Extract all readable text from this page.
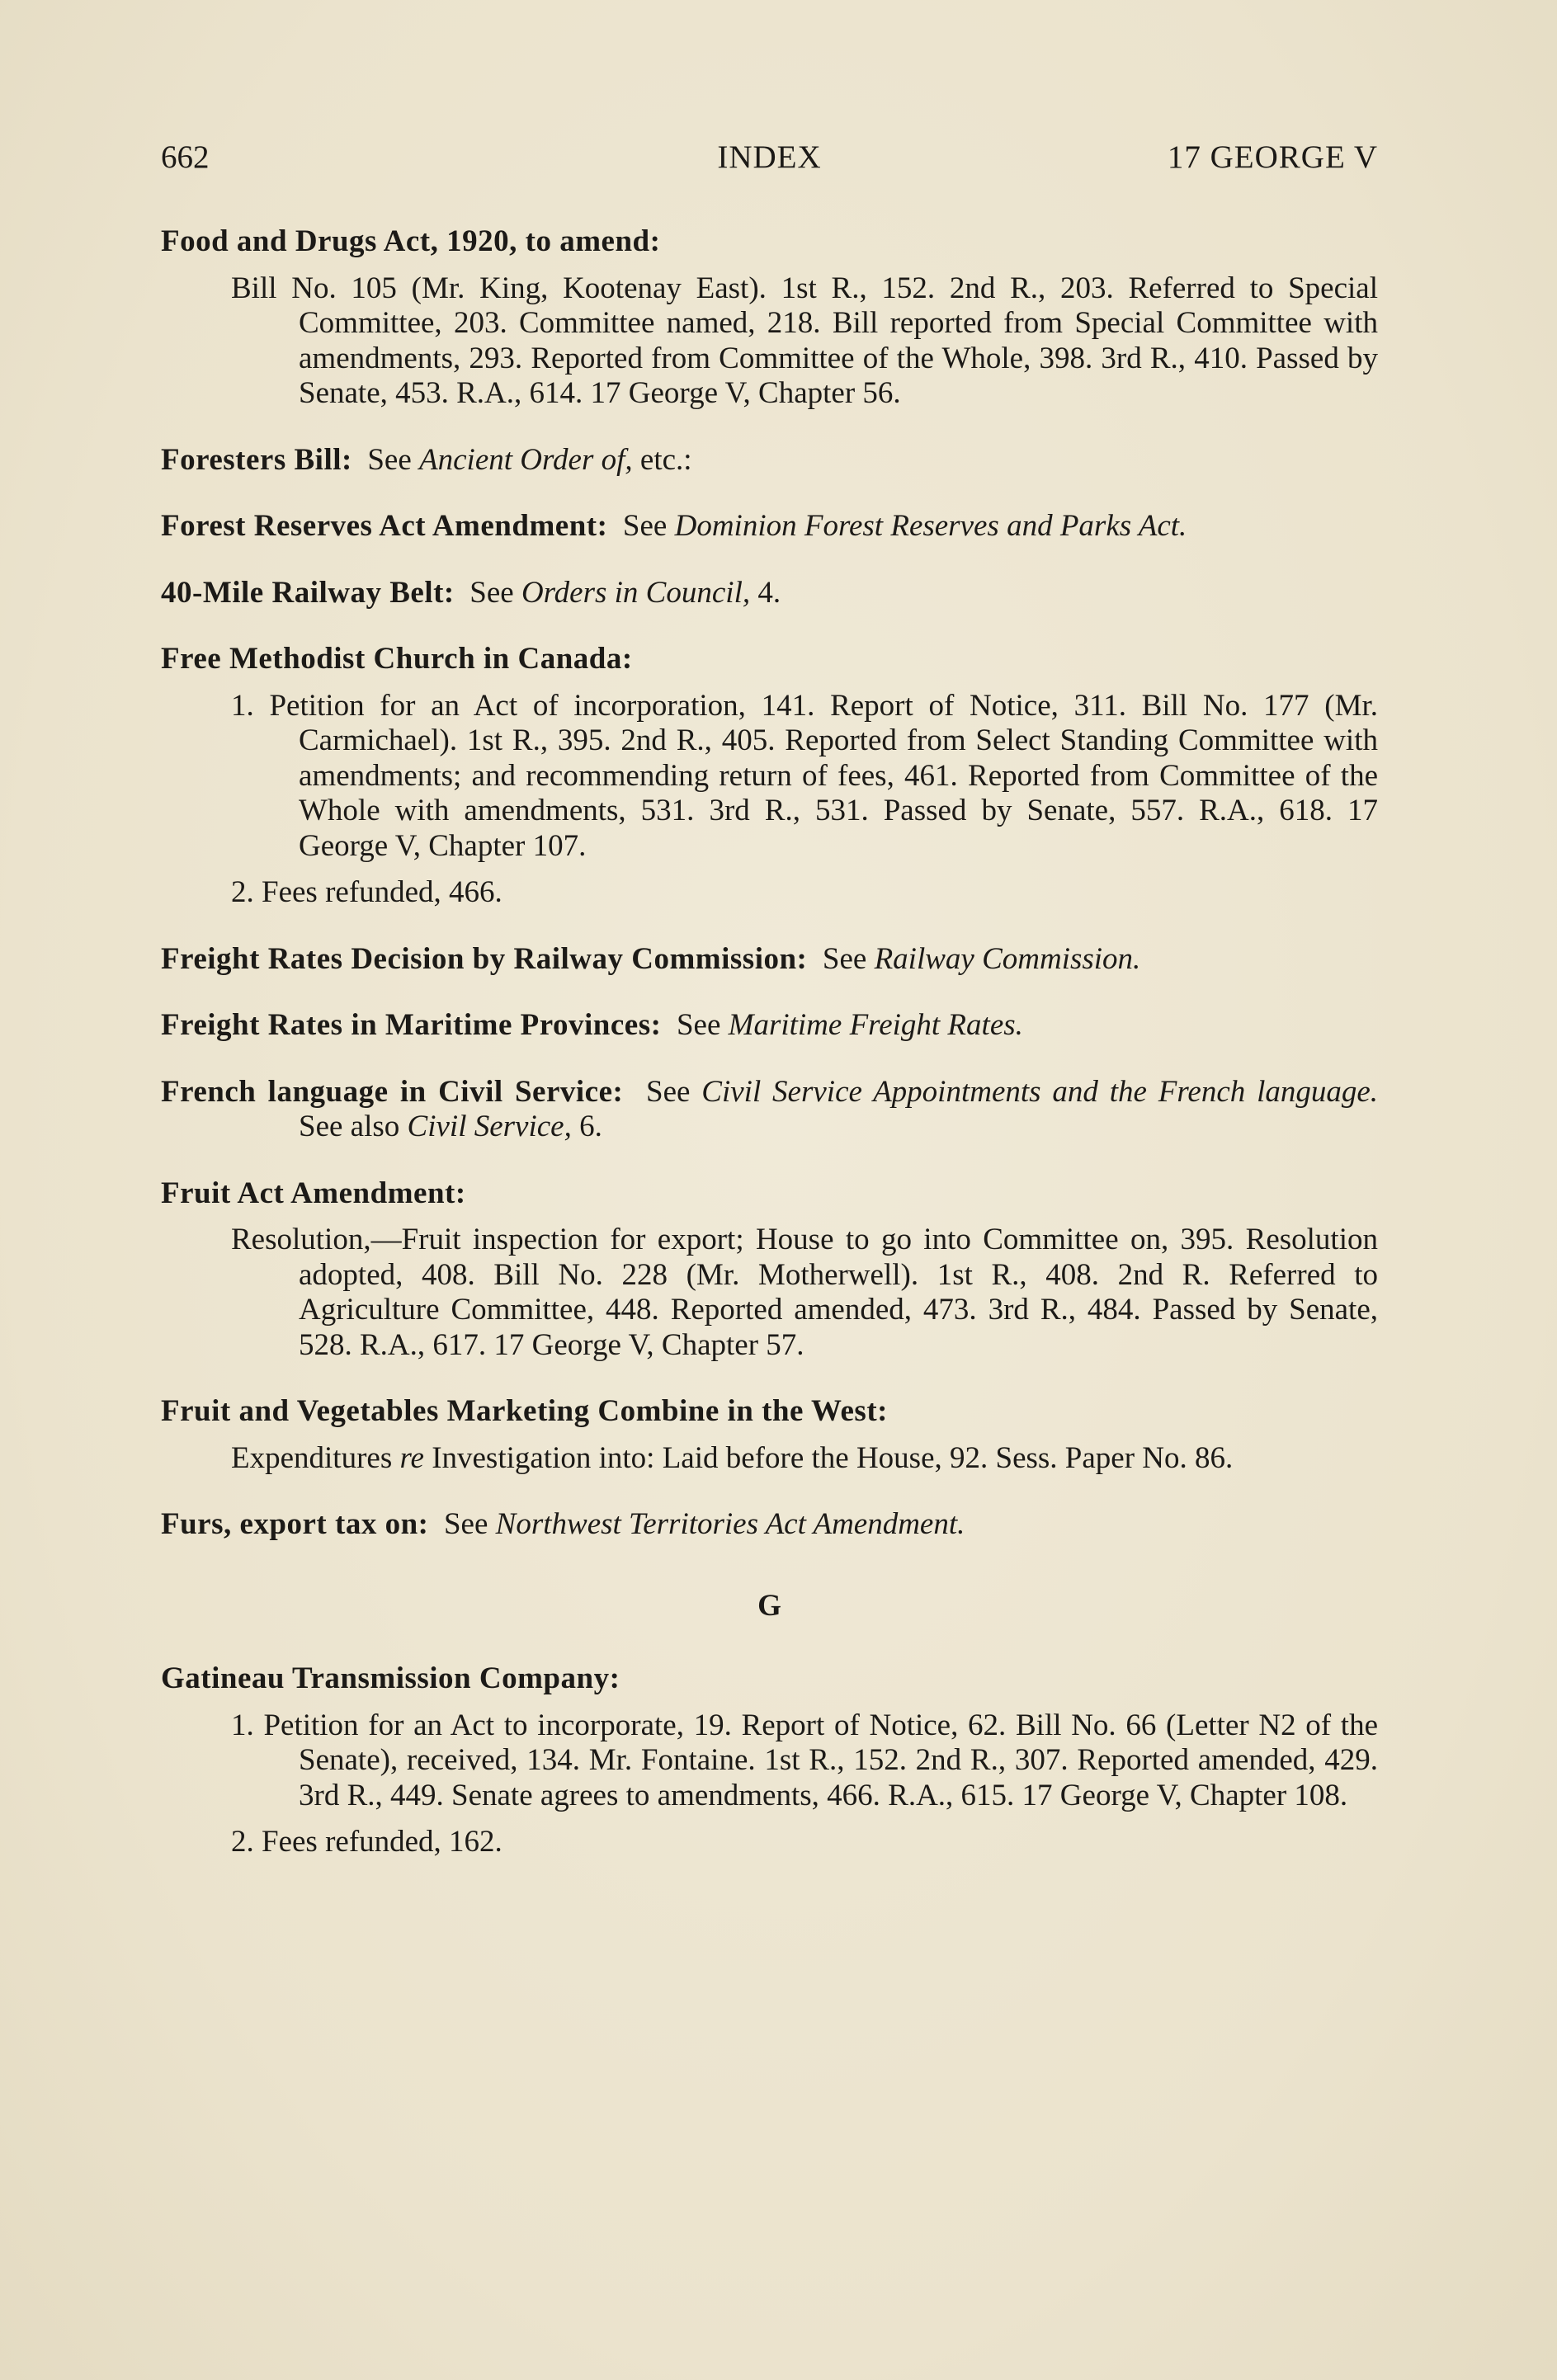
662	INDEX	17 GEORGE V
Food and Drugs Act, 1920, to amend:
Bill No. 105 (Mr. King, Kootenay East). 1st R., 152. 2nd R., 203. Referred to Special Committee, 203. Committee named, 218. Bill reported from Special Committee with amendments, 293. Reported from Committee of the Whole, 398. 3rd R., 410. Passed by Senate, 453. R.A., 614. 17 George V, Chapter 56.
Foresters Bill: See Ancient Order of, etc.:
Forest Reserves Act Amendment: See Dominion Forest Reserves and Parks Act.
40-Mile Railway Belt: See Orders in Council, 4.
Free Methodist Church in Canada:
1. Petition for an Act of incorporation, 141. Report of Notice, 311. Bill No. 177 (Mr. Carmichael). 1st R., 395. 2nd R., 405. Reported from Select Standing Committee with amendments; and recommending return of fees, 461. Reported from Committee of the Whole with amendments, 531. 3rd R., 531. Passed by Senate, 557. R.A., 618. 17 George V, Chapter 107.
2. Fees refunded, 466.
Freight Rates Decision by Railway Commission: See Railway Commission.
Freight Rates in Maritime Provinces: See Maritime Freight Rates.
French language in Civil Service: See Civil Service Appointments and the French language. See also Civil Service, 6.
Fruit Act Amendment:
Resolution,—Fruit inspection for export; House to go into Committee on, 395. Resolution adopted, 408. Bill No. 228 (Mr. Motherwell). 1st R., 408. 2nd R. Referred to Agriculture Committee, 448. Reported amended, 473. 3rd R., 484. Passed by Senate, 528. R.A., 617. 17 George V, Chapter 57.
Fruit and Vegetables Marketing Combine in the West:
Expenditures re Investigation into: Laid before the House, 92. Sess. Paper No. 86.
Furs, export tax on: See Northwest Territories Act Amendment.
G
Gatineau Transmission Company:
1. Petition for an Act to incorporate, 19. Report of Notice, 62. Bill No. 66 (Letter N2 of the Senate), received, 134. Mr. Fontaine. 1st R., 152. 2nd R., 307. Reported amended, 429. 3rd R., 449. Senate agrees to amendments, 466. R.A., 615. 17 George V, Chapter 108.
2. Fees refunded, 162.
